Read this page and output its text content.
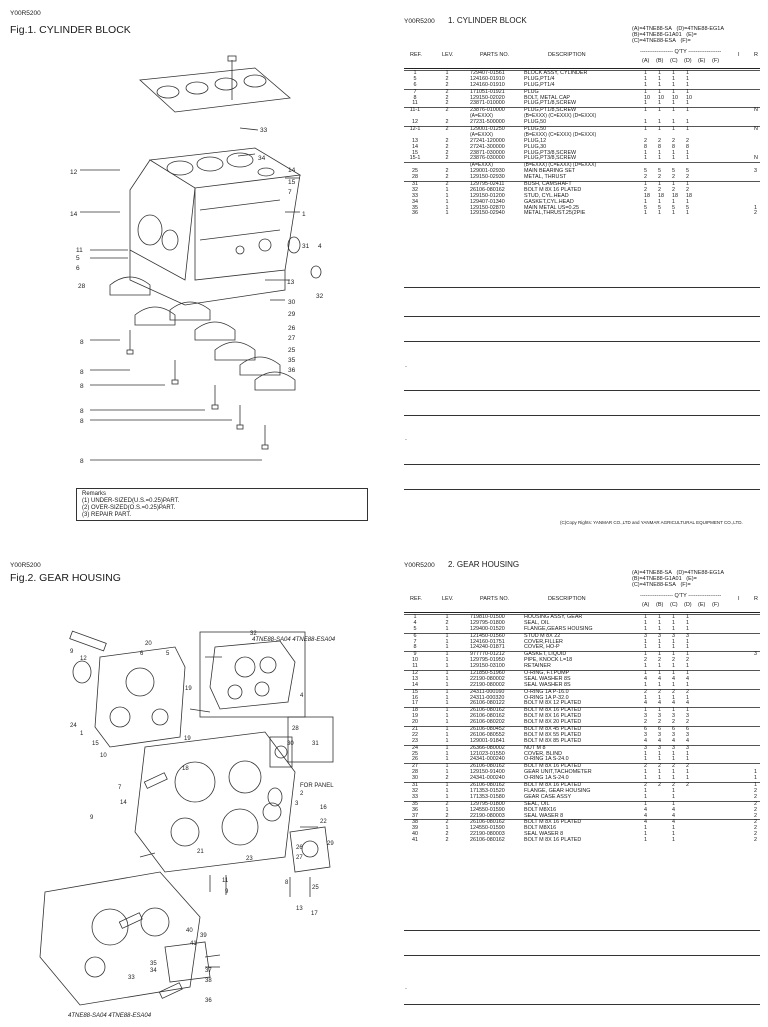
Y00R5200
Fig.1. CYLINDER BLOCK
33
34
12	14
15
7
1
14
11
5
6
31 4
13
28
30
32
8
29
26
27
25
35
36
8
8
8
8
8
Remarks
(1) UNDER-SIZED(U.S.=0.25)PART.
(2) OVER-SIZED(O.S.=0.25)PART.
(3) REPAIR PART.
Y00R5200 1. CYLINDER BLOCK
(A)=4TNE88-SA (D)=4TNE88-EG1A
(B)=4TNE88-G1A01 (E)=
(C)=4TNE88-ESA (F)=
REF.	LEV.	PARTS NO.	DESCRIPTION	------------------ Q'TY ------------------
(A) (B) (C) (D) (E) (F)
I	R
1	1	729407-01561	BLOCK ASSY, CYLINDER	1 1 1 1
5	2	124160-01910	PLUG,PT1/4	1 1 1 1
6	2	124160-01910	PLUG,PT1/4	1 1 1 1
7	2	171051-01921	PLUG	1 1 1 1
8	2	129150-02020	BOLT, METAL CAP	10 10 10 10
11	2	23871-010000	PLUG,PT1/8,SCREW	1 1 1 1
11-1	2	23876-010000	PLUG,PT1/8,SCREW	1 1 1 1	N
(A=EXXX)	(B=EXXX) (C=EXXX) (D=EXXX)
12	2	27231-500000	PLUG,50	1 1 1 1
12-1	2	129001-01250	PLUG,50	1 1 1 1	N
(A=EXXX)	(B=EXXX) (C=EXXX) (D=EXXX)
13	2	27241-120000	PLUG,12	2 2 2 2
14	2	27241-300000	PLUG,30	8 8 8 8
15	2	23871-030000	PLUG,PT3/8,SCREW	1 1 1 1
15-1	2	23876-030000	PLUG,PT3/8,SCREW	1 1 1 1	N
(A=EXXX)	(B=EXXX) (C=EXXX) (D=EXXX)
25	2	129001-02930	MAIN BEARING SET	5 5 5 5	3
28	2	129150-02930	METAL, THRUST	2 2 2 2
31	2	129795-02411	BUSH, CAMSHAFT	1 1 1 1
32	1	26106-080162	BOLT M 8X 16 PLATED	2 2 2 2
33	1	129150-01200	STUD, CYL.HEAD	18 18 18 18
34	1	129407-01340	GASKET,CYL.HEAD	1 1 1 1
35	1	129150-02870	MAIN METAL US=0.25	5 5 5 5	1
36	1	129150-02940	METAL,THRUST.25(2PIE	1 1 1 1	2
.
.
(C)Copy Rights: YANMAR CO.,LTD and YANMAR AGRICULTURAL EQUIPMENT CO.,LTD.
Y00R5200
Fig.2. GEAR HOUSING
9
12
20
6	5
32
4
19
24
1
10
15
19
18
28
30	31
7
14
9
16
2
3
22
21
23
13
17
11	8
40
39
41
37
38
36
34
35
33
26
27
25
29
9
4TNE88-SA04 4TNE88-ESA04
FOR PANEL
4TNE88-SA04 4TNE88-ESA04
Y00R5200 2. GEAR HOUSING
(A)=4TNE88-SA (D)=4TNE88-EG1A
(B)=4TNE88-G1A01 (E)=
(C)=4TNE88-ESA (F)=
REF.	LEV.	PARTS NO.	DESCRIPTION	------------------ Q'TY ------------------
(A) (B) (C) (D) (E) (F)
I	R
1	1	719810-01500	HOUSING ASSY, GEAR	1 1 1 1
4	2	129795-01800	SEAL, OIL	1 1 1 1
5	1	129400-01520	FLANGE,GEARS HOUSING	1 1 1 1
6	1	121450-01560	STUD M 8X 22	3 3 3 3
7	1	124160-01751	COVER,FILLER	1 1 1 1
8	1	124240-01871	COVER, HO-P	1 1 1 1
9	1	977770-01212	GASKET, LIQUID	1 1 1 1	3
10	1	129795-01950	PIPE, KNOCK L=18	2 2 2 2
11	1	129150-03100	RETAINER	1 1 1 1
12	1	121850-51960	O-RING, F.I.PUMP	1 1 1 1
13	1	22190-080002	SEAL WASHER 8S	4 4 4 4
14	1	22190-080002	SEAL WASHER 8S	1 1 1 1
15	1	24311-000160	O-RING 1A P-16.0	2 2 2 2
16	1	24311-000320	O-RING 1A P-32.0	1 1 1 1
17	1	26106-080122	BOLT M 8X 12 PLATED	4 4 4 4
18	1	26106-080162	BOLT M 8X 16 PLATED	1 1 1 1
19	1	26106-080162	BOLT M 8X 16 PLATED	3 3 3 3
20	1	26106-080202	BOLT M 8X 20 PLATED	2 2 2 2
21	1	26106-080452	BOLT M 8X 45 PLATED	6 6 6 6
22	1	26106-080552	BOLT M 8X 55 PLATED	3 3 3 3
23	1	129001-91841	BOLT M 8X 85 PLATED	4 4 4 4
24	1	26366-080002	NUT M 8	3 3 3 3
25	1	121023-01550	COVER, BLIND	1 1 1 1
26	1	24341-000240	O-RING 1A S-24.0	1 1 1 1
27	1	26106-080162	BOLT M 8X 16 PLATED	2 2 2 2
28	1	129150-91400	GEAR UNIT,TACHOMETER	1 1 1 1	1
30	2	24341-000240	O-RING 1A S-24.0	1 1 1 1	1
31	1	26106-080162	BOLT M 8X 16 PLATED	2 2 2 2	1
32	1	171353-01520	FLANGE, GEAR HOUSING	1	1	2
33	1	171353-01580	GEAR CASE ASSY	1	1	2
35	2	129795-01800	SEAL, OIL	1	1	2
36	1	124550-01590	BOLT M8X16	4	4	2
37	2	22190-080003	SEAL WASER 8	4	4	2
38	2	26106-080162	BOLT M 8X 16 PLATED	4	4	2
39	1	124550-01590	BOLT M8X16	1	1	2
40	2	22190-080003	SEAL WASER 8	1	1	2
41	2	26106-080162	BOLT M 8X 16 PLATED	1	1	2
.
